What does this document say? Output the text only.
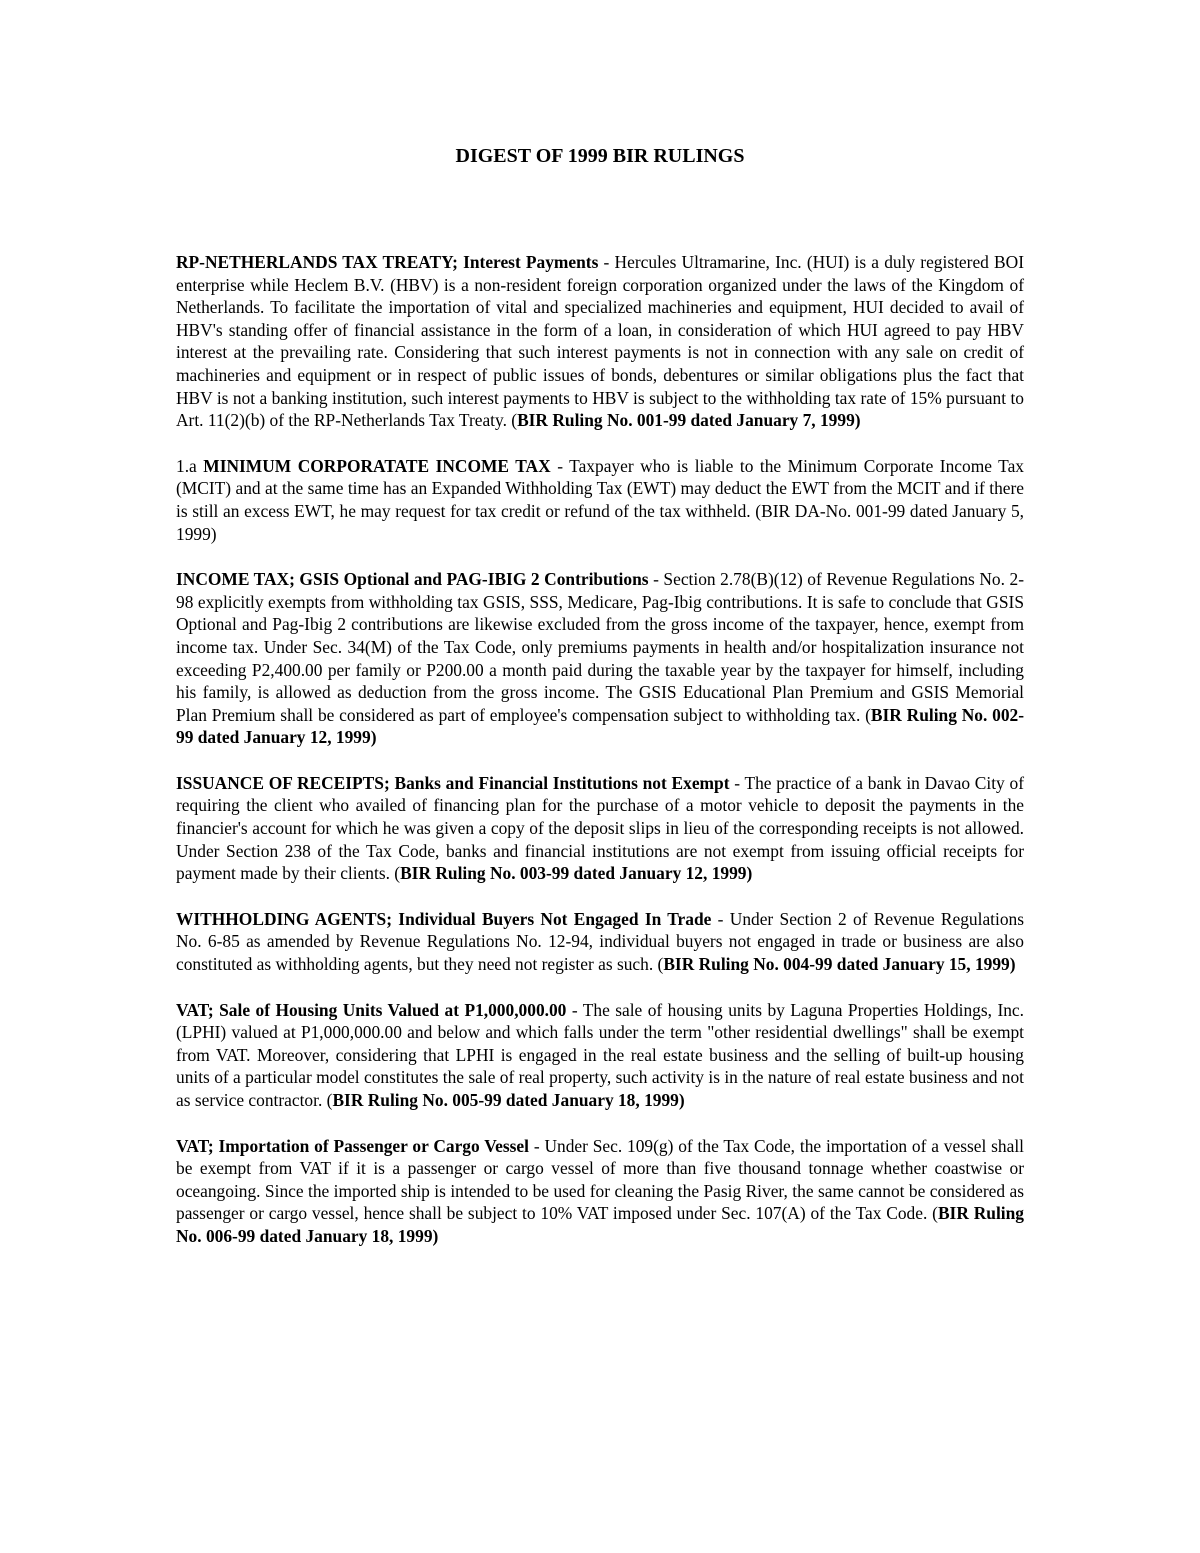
DIGEST OF 1999 BIR RULINGS

RP-NETHERLANDS TAX TREATY; Interest Payments - Hercules Ultramarine, Inc. (HUI) is a duly registered BOI enterprise while Heclem B.V. (HBV) is a non-resident foreign corporation organized under the laws of the Kingdom of Netherlands. To facilitate the importation of vital and specialized machineries and equipment, HUI decided to avail of HBV's standing offer of financial assistance in the form of a loan, in consideration of which HUI agreed to pay HBV interest at the prevailing rate. Considering that such interest payments is not in connection with any sale on credit of machineries and equipment or in respect of public issues of bonds, debentures or similar obligations plus the fact that HBV is not a banking institution, such interest payments to HBV is subject to the withholding tax rate of 15% pursuant to Art. 11(2)(b) of the RP-Netherlands Tax Treaty. (BIR Ruling No. 001-99 dated January 7, 1999)

1.a MINIMUM CORPORATATE INCOME TAX - Taxpayer who is liable to the Minimum Corporate Income Tax (MCIT) and at the same time has an Expanded Withholding Tax (EWT) may deduct the EWT from the MCIT and if there is still an excess EWT, he may request for tax credit or refund of the tax withheld. (BIR DA-No. 001-99 dated January 5, 1999)

INCOME TAX; GSIS Optional and PAG-IBIG 2 Contributions - Section 2.78(B)(12) of Revenue Regulations No. 2-98 explicitly exempts from withholding tax GSIS, SSS, Medicare, Pag-Ibig contributions. It is safe to conclude that GSIS Optional and Pag-Ibig 2 contributions are likewise excluded from the gross income of the taxpayer, hence, exempt from income tax. Under Sec. 34(M) of the Tax Code, only premiums payments in health and/or hospitalization insurance not exceeding P2,400.00 per family or P200.00 a month paid during the taxable year by the taxpayer for himself, including his family, is allowed as deduction from the gross income. The GSIS Educational Plan Premium and GSIS Memorial Plan Premium shall be considered as part of employee's compensation subject to withholding tax. (BIR Ruling No. 002-99 dated January 12, 1999)

ISSUANCE OF RECEIPTS; Banks and Financial Institutions not Exempt - The practice of a bank in Davao City of requiring the client who availed of financing plan for the purchase of a motor vehicle to deposit the payments in the financier's account for which he was given a copy of the deposit slips in lieu of the corresponding receipts is not allowed. Under Section 238 of the Tax Code, banks and financial institutions are not exempt from issuing official receipts for payment made by their clients. (BIR Ruling No. 003-99 dated January 12, 1999)

WITHHOLDING AGENTS; Individual Buyers Not Engaged In Trade - Under Section 2 of Revenue Regulations No. 6-85 as amended by Revenue Regulations No. 12-94, individual buyers not engaged in trade or business are also constituted as withholding agents, but they need not register as such. (BIR Ruling No. 004-99 dated January 15, 1999)

VAT; Sale of Housing Units Valued at P1,000,000.00 - The sale of housing units by Laguna Properties Holdings, Inc.(LPHI) valued at P1,000,000.00 and below and which falls under the term "other residential dwellings" shall be exempt from VAT. Moreover, considering that LPHI is engaged in the real estate business and the selling of built-up housing units of a particular model constitutes the sale of real property, such activity is in the nature of real estate business and not as service contractor. (BIR Ruling No. 005-99 dated January 18, 1999)

VAT; Importation of Passenger or Cargo Vessel - Under Sec. 109(g) of the Tax Code, the importation of a vessel shall be exempt from VAT if it is a passenger or cargo vessel of more than five thousand tonnage whether coastwise or oceangoing. Since the imported ship is intended to be used for cleaning the Pasig River, the same cannot be considered as passenger or cargo vessel, hence shall be subject to 10% VAT imposed under Sec. 107(A) of the Tax Code. (BIR Ruling No. 006-99 dated January 18, 1999)
